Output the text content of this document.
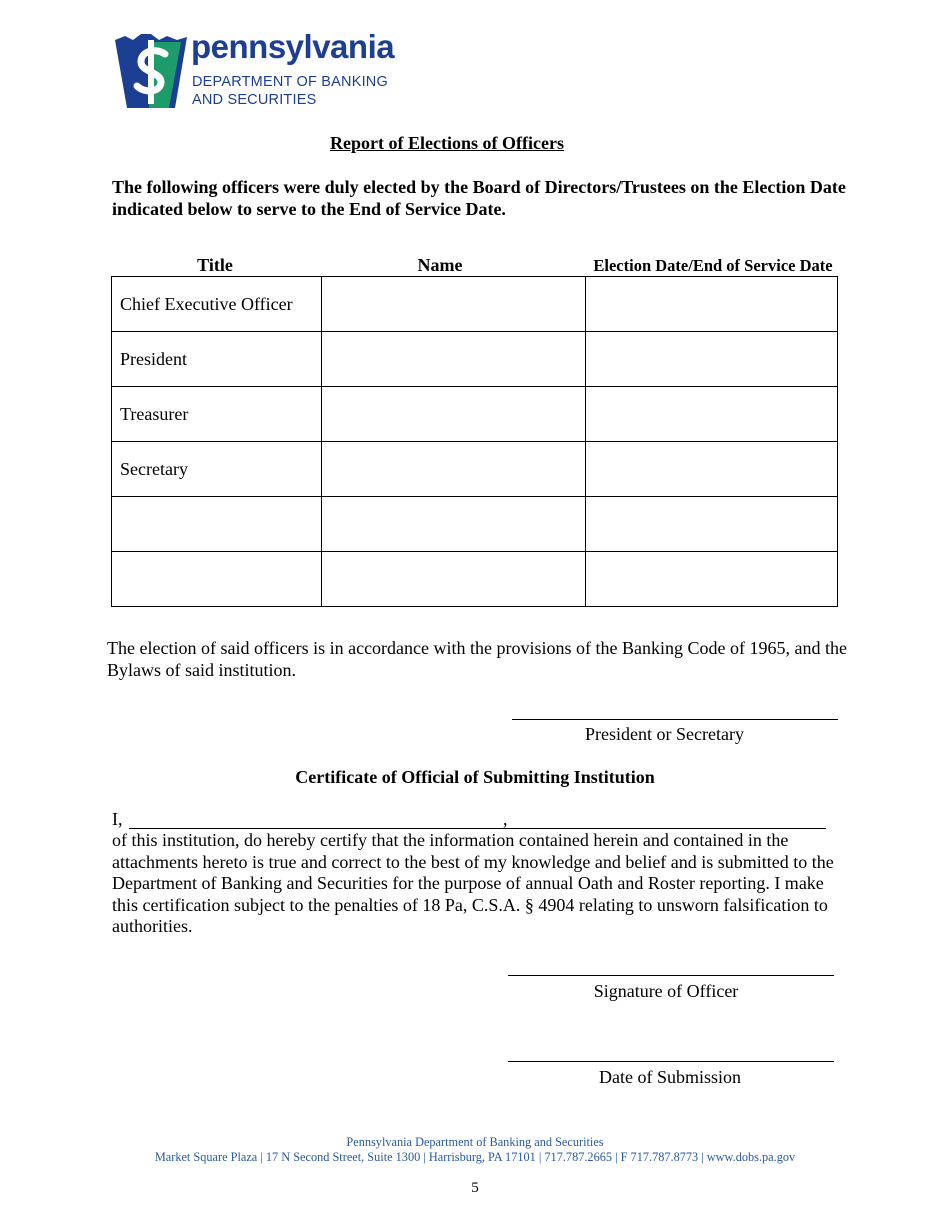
pennsylvania
DEPARTMENT OF BANKING
AND SECURITIES
Report of Elections of Officers
The following officers were duly elected by the Board of Directors/Trustees on the Election Date indicated below to serve to the End of Service Date.
Title	Name	Election Date/End of Service Date
Chief Executive Officer		
President		
Treasurer		
Secretary		

The election of said officers is in accordance with the provisions of the Banking Code of 1965, and the Bylaws of said institution.
President or Secretary
Certificate of Official of Submitting Institution
I,	,
of this institution, do hereby certify that the information contained herein and contained in the attachments hereto is true and correct to the best of my knowledge and belief and is submitted to the Department of Banking and Securities for the purpose of annual Oath and Roster reporting. I make this certification subject to the penalties of 18 Pa, C.S.A. § 4904 relating to unsworn falsification to authorities.
Signature of Officer
Date of Submission
Pennsylvania Department of Banking and Securities
Market Square Plaza | 17 N Second Street, Suite 1300 | Harrisburg, PA 17101 | 717.787.2665 | F 717.787.8773 | www.dobs.pa.gov
5
